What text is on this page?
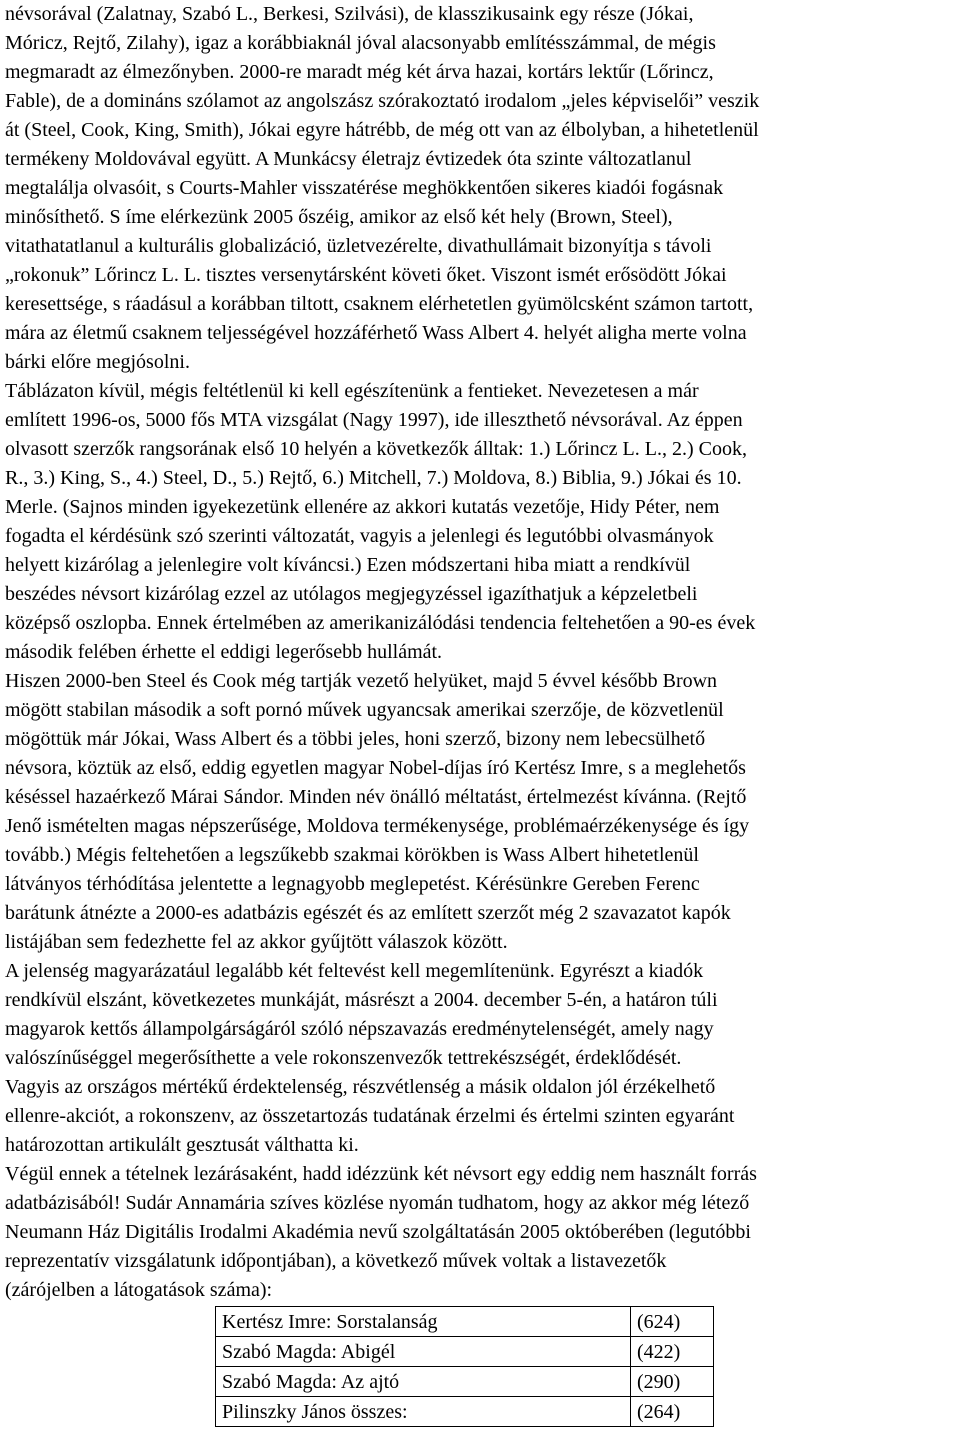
névsorával (Zalatnay, Szabó L., Berkesi, Szilvási), de klasszikusaink egy része (Jókai,
Móricz, Rejtő, Zilahy), igaz a korábbiaknál jóval alacsonyabb említésszámmal, de mégis
megmaradt az élmezőnyben. 2000-re maradt még két árva hazai, kortárs lektűr (Lőrincz,
Fable), de a domináns szólamot az angolszász szórakoztató irodalom „jeles képviselői” veszik
át (Steel, Cook, King, Smith), Jókai egyre hátrébb, de még ott van az élbolyban, a hihetetlenül
termékeny Moldovával együtt. A Munkácsy életrajz évtizedek óta szinte változatlanul
megtalálja olvasóit, s Courts-Mahler visszatérése meghökkentően sikeres kiadói fogásnak
minősíthető. S íme elérkezünk 2005 őszéig, amikor az első két hely (Brown, Steel),
vitathatatlanul a kulturális globalizáció, üzletvezérelte, divathullámait bizonyítja s távoli
„rokonuk” Lőrincz L. L. tisztes versenytársként követi őket. Viszont ismét erősödött Jókai
keresettsége, s ráadásul a korábban tiltott, csaknem elérhetetlen gyümölcsként számon tartott,
mára az életmű csaknem teljességével hozzáférhető Wass Albert 4. helyét aligha merte volna
bárki előre megjósolni.
Táblázaton kívül, mégis feltétlenül ki kell egészítenünk a fentieket. Nevezetesen a már
említett 1996-os, 5000 fős MTA vizsgálat (Nagy 1997), ide illeszthető névsorával. Az éppen
olvasott szerzők rangsorának első 10 helyén a következők álltak: 1.) Lőrincz L. L., 2.) Cook,
R., 3.) King, S., 4.) Steel, D., 5.) Rejtő, 6.) Mitchell, 7.) Moldova, 8.) Biblia, 9.) Jókai és 10.
Merle. (Sajnos minden igyekezetünk ellenére az akkori kutatás vezetője, Hidy Péter, nem
fogadta el kérdésünk szó szerinti változatát, vagyis a jelenlegi és legutóbbi olvasmányok
helyett kizárólag a jelenlegire volt kíváncsi.) Ezen módszertani hiba miatt a rendkívül
beszédes névsort kizárólag ezzel az utólagos megjegyzéssel igazíthatjuk a képzeletbeli
középső oszlopba. Ennek értelmében az amerikanizálódási tendencia feltehetően a 90-es évek
második felében érhette el eddigi legerősebb hullámát.
Hiszen 2000-ben Steel és Cook még tartják vezető helyüket, majd 5 évvel később Brown
mögött stabilan második a soft pornó művek ugyancsak amerikai szerzője, de közvetlenül
mögöttük már Jókai, Wass Albert és a többi jeles, honi szerző, bizony nem lebecsülhető
névsora, köztük az első, eddig egyetlen magyar Nobel-díjas író Kertész Imre, s a meglehetős
késéssel hazaérkező Márai Sándor. Minden név önálló méltatást, értelmezést kívánna. (Rejtő
Jenő ismételten magas népszerűsége, Moldova termékenysége, problémaérzékenysége és így
tovább.) Mégis feltehetően a legszűkebb szakmai körökben is Wass Albert hihetetlenül
látványos térhódítása jelentette a legnagyobb meglepetést. Kérésünkre Gereben Ferenc
barátunk átnézte a 2000-es adatbázis egészét és az említett szerzőt még 2 szavazatot kapók
listájában sem fedezhette fel az akkor gyűjtött válaszok között.
A jelenség magyarázatául legalább két feltevést kell megemlítenünk. Egyrészt a kiadók
rendkívül elszánt, következetes munkáját, másrészt a 2004. december 5-én, a határon túli
magyarok kettős állampolgárságáról szóló népszavazás eredménytelenségét, amely nagy
valószínűséggel megerősíthette a vele rokonszenvezők tettrekészségét, érdeklődését.
Vagyis az országos mértékű érdektelenség, részvétlenség a másik oldalon jól érzékelhető
ellenre-akciót, a rokonszenv, az összetartozás tudatának érzelmi és értelmi szinten egyaránt
határozottan artikulált gesztusát válthatta ki.
Végül ennek a tételnek lezárásaként, hadd idézzünk két névsort egy eddig nem használt forrás
adatbázisából! Sudár Annamária szíves közlése nyomán tudhatom, hogy az akkor még létező
Neumann Ház Digitális Irodalmi Akadémia nevű szolgáltatásán 2005 októberében (legutóbbi
reprezentatív vizsgálatunk időpontjában), a következő művek voltak a listavezetők
(zárójelben a látogatások száma):
Kertész Imre: Sorstalanság	(624)
Szabó Magda: Abigél	(422)
Szabó Magda: Az ajtó	(290)
Pilinszky János összes:	(264)
